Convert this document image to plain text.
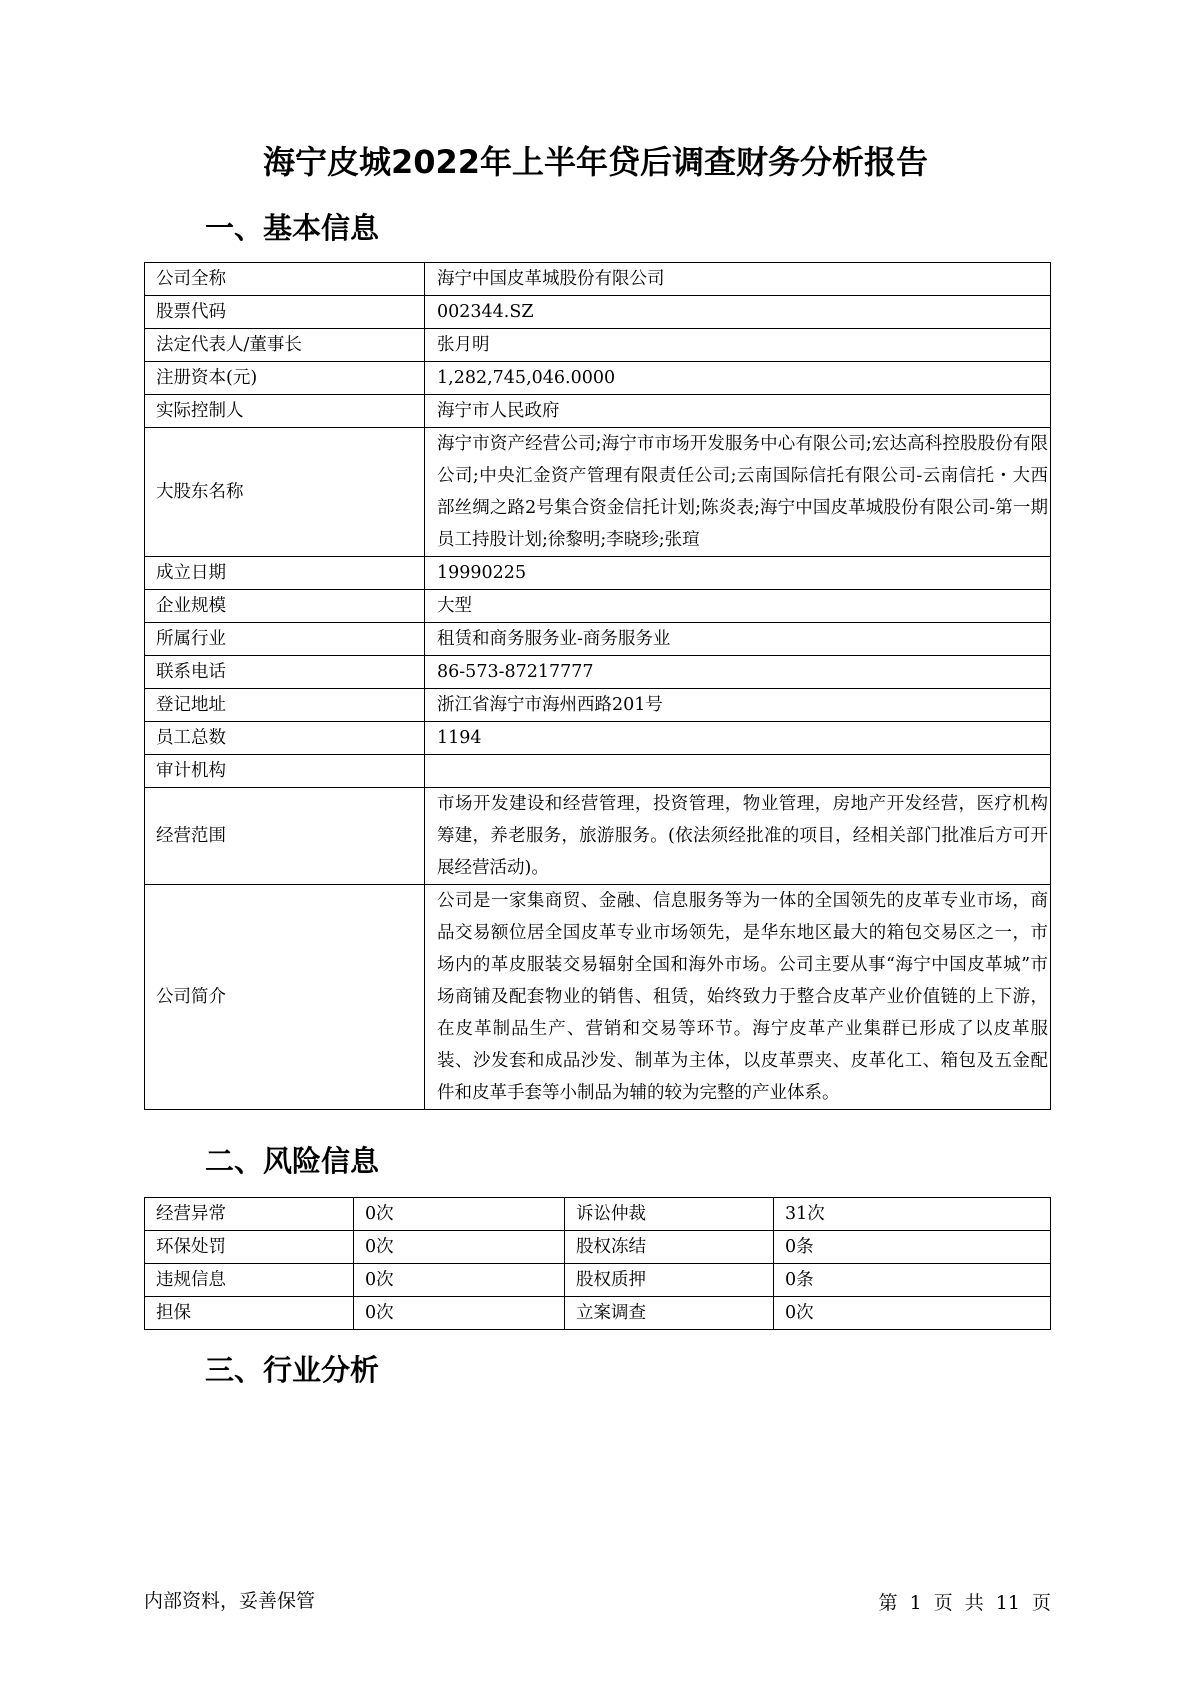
海宁皮城2022年上半年贷后调查财务分析报告
一、基本信息
公司全称	海宁中国皮革城股份有限公司
股票代码	002344.SZ
法定代表人/董事长	张月明
注册资本(元)	1,282,745,046.0000
实际控制人	海宁市人民政府
大股东名称	海宁市资产经营公司;海宁市市场开发服务中心有限公司;宏达高科控股股份有限公司;中央汇金资产管理有限责任公司;云南国际信托有限公司-云南信托・大西部丝绸之路2号集合资金信托计划;陈炎表;海宁中国皮革城股份有限公司-第一期员工持股计划;徐黎明;李晓珍;张瑄
成立日期	19990225
企业规模	大型
所属行业	租赁和商务服务业-商务服务业
联系电话	86-573-87217777
登记地址	浙江省海宁市海州西路201号
员工总数	1194
审计机构	
经营范围	市场开发建设和经营管理，投资管理，物业管理，房地产开发经营，医疗机构筹建，养老服务，旅游服务。(依法须经批准的项目，经相关部门批准后方可开展经营活动)。
公司简介	公司是一家集商贸、金融、信息服务等为一体的全国领先的皮革专业市场，商品交易额位居全国皮革专业市场领先，是华东地区最大的箱包交易区之一，市场内的革皮服装交易辐射全国和海外市场。公司主要从事“海宁中国皮革城”市场商铺及配套物业的销售、租赁，始终致力于整合皮革产业价值链的上下游，在皮革制品生产、营销和交易等环节。海宁皮革产业集群已形成了以皮革服装、沙发套和成品沙发、制革为主体，以皮革票夹、皮革化工、箱包及五金配件和皮革手套等小制品为辅的较为完整的产业体系。
二、风险信息
经营异常	0次	诉讼仲裁	31次
环保处罚	0次	股权冻结	0条
违规信息	0次	股权质押	0条
担保	0次	立案调查	0次
三、行业分析
内部资料，妥善保管	第 1 页 共 11 页
